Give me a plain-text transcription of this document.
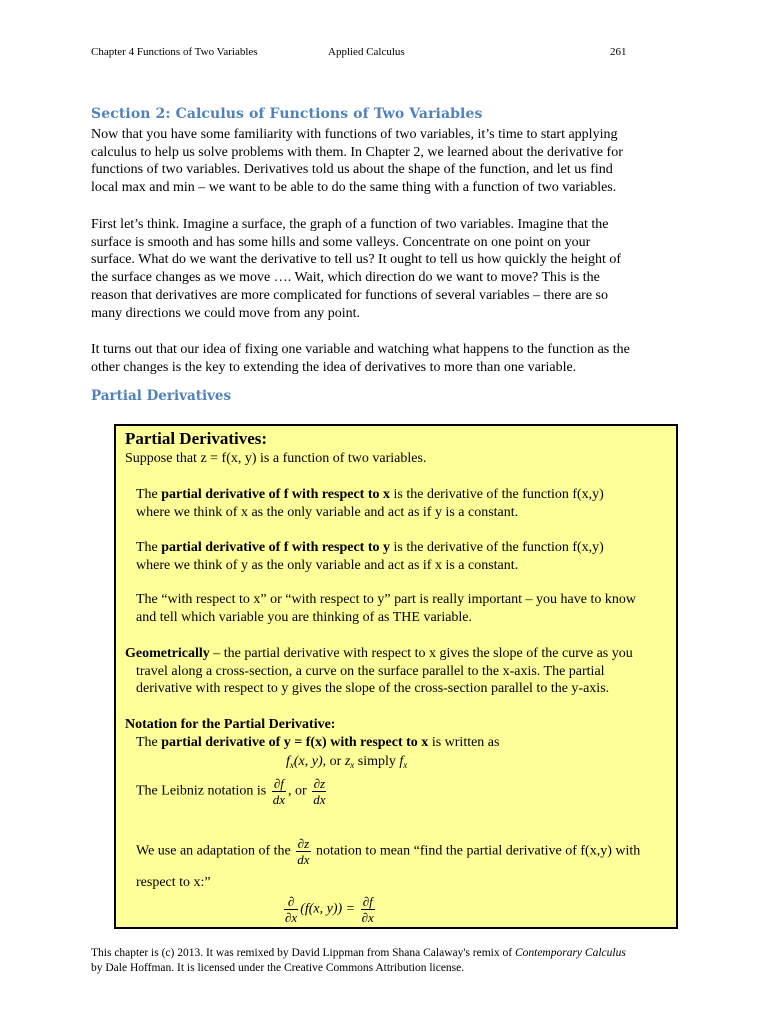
Chapter 4 Functions of Two Variables	Applied Calculus	261
Section 2: Calculus of Functions of Two Variables
Now that you have some familiarity with functions of two variables, it’s time to start applying
calculus to help us solve problems with them. In Chapter 2, we learned about the derivative for
functions of two variables. Derivatives told us about the shape of the function, and let us find
local max and min – we want to be able to do the same thing with a function of two variables.
First let’s think. Imagine a surface, the graph of a function of two variables. Imagine that the
surface is smooth and has some hills and some valleys. Concentrate on one point on your
surface. What do we want the derivative to tell us? It ought to tell us how quickly the height of
the surface changes as we move …. Wait, which direction do we want to move? This is the
reason that derivatives are more complicated for functions of several variables – there are so
many directions we could move from any point.
It turns out that our idea of fixing one variable and watching what happens to the function as the
other changes is the key to extending the idea of derivatives to more than one variable.
Partial Derivatives
Partial Derivatives:
Suppose that z = f(x, y) is a function of two variables.
The partial derivative of f with respect to x is the derivative of the function f(x,y)
where we think of x as the only variable and act as if y is a constant.
The partial derivative of f with respect to y is the derivative of the function f(x,y)
where we think of y as the only variable and act as if x is a constant.
The “with respect to x” or “with respect to y” part is really important – you have to know
and tell which variable you are thinking of as THE variable.
Geometrically – the partial derivative with respect to x gives the slope of the curve as you
travel along a cross-section, a curve on the surface parallel to the x-axis. The partial
derivative with respect to y gives the slope of the cross-section parallel to the y-axis.
Notation for the Partial Derivative:
The partial derivative of y = f(x) with respect to x is written as
$f_x(x$, y), or $z_x$ simply $f_x$
The Leibniz notation is $\frac{\partial f}{dx}$ , or $\frac{\partial z}{dx}$
We use an adaptation of the $\frac{\partial z}{dx}$ notation to mean “find the partial derivative of f(x,y) with
respect to x:”
$\frac{\partial}{\partial x} (f(x$, $y)) = \frac{\partial f}{\partial x}$
This chapter is (c) 2013. It was remixed by David Lippman from Shana Calaway's remix of Contemporary Calculus
by Dale Hoffman. It is licensed under the Creative Commons Attribution license.
